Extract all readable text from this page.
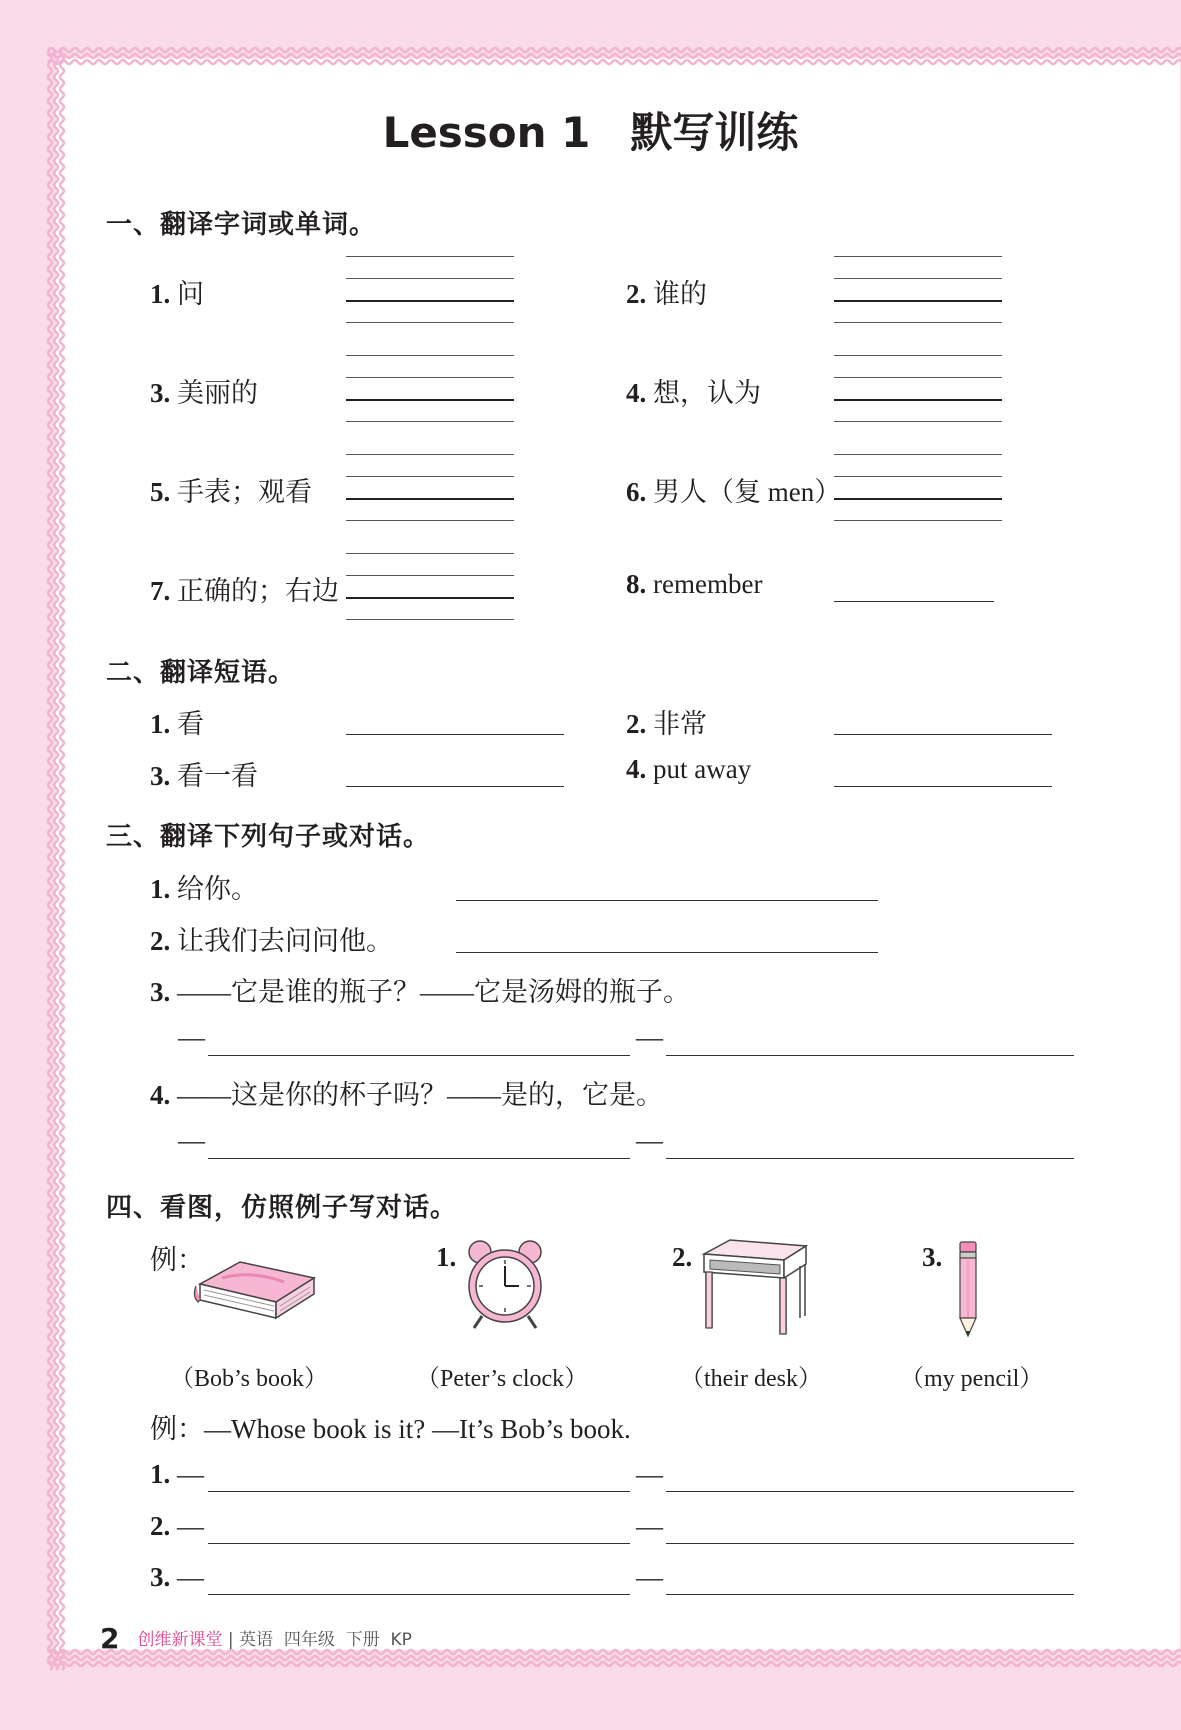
Lesson 1 默写训练
一、翻译字词或单词。
1. 问	2. 谁的
3. 美丽的	4. 想，认为
5. 手表；观看	6. 男人（复 men）
7. 正确的；右边	8. remember
二、翻译短语。
1. 看	2. 非常
3. 看一看	4. put away
三、翻译下列句子或对话。
1. 给你。
2. 让我们去问问他。
3. ——它是谁的瓶子？——它是汤姆的瓶子。
—	—
4. ——这是你的杯子吗？——是的，它是。
—	—
四、看图，仿照例子写对话。
例：
（Bob’s book）
1.
（Peter’s clock）
2.
（their desk）
3.
（my pencil）
例：—Whose book is it? —It’s Bob’s book.
1. —	—
2. —	—
3. —	—
2 创维新课堂 | 英语  四年级  下册  KP
